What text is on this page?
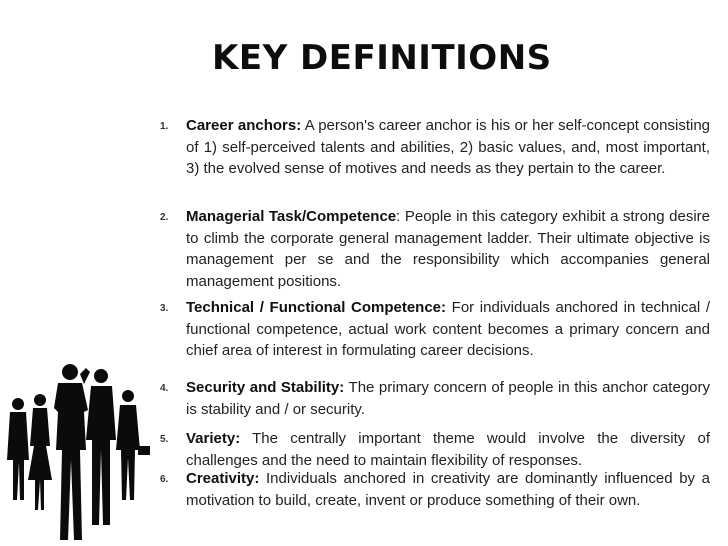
KEY DEFINITIONS
1. Career anchors: A person's career anchor is his or her self-concept consisting of 1) self-perceived talents and abilities, 2) basic values, and, most important, 3) the evolved sense of motives and needs as they pertain to the career.
2. Managerial Task/Competence: People in this category exhibit a strong desire to climb the corporate general management ladder. Their ultimate objective is management per se and the responsibility which accompanies general management positions.
3. Technical / Functional Competence: For individuals anchored in technical / functional competence, actual work content becomes a primary concern and chief area of interest in formulating career decisions.
4. Security and Stability: The primary concern of people in this anchor category is stability and / or security.
5. Variety: The centrally important theme would involve the diversity of challenges and the need to maintain flexibility of responses.
6. Creativity: Individuals anchored in creativity are dominantly influenced by a motivation to build, create, invent or produce something of their own.
